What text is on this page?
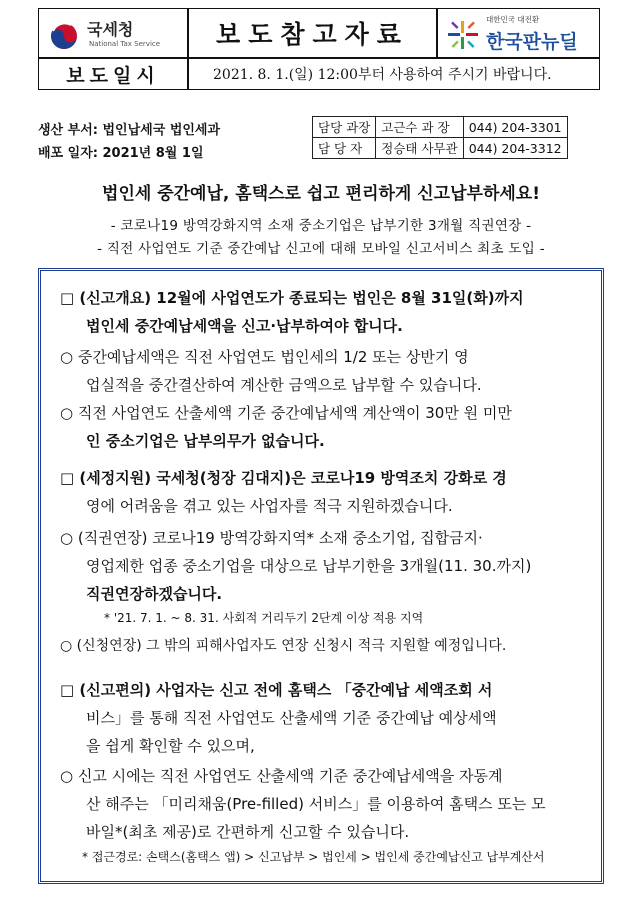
국세청
National Tax Service 보도참고자료
대한민국 대전환
한국판뉴딜
보도일시	2021. 8. 1.(일) 12:00부터 사용하여 주시기 바랍니다.
생산 부서: 법인납세국 법인세과
배포 일자: 2021년 8월 1일
담당 과장	고근수 과 장	044) 204-3301
담 당 자	정승태 사무관	044) 204-3312
법인세 중간예납, 홈택스로 쉽고 편리하게 신고납부하세요!
- 코로나19 방역강화지역 소재 중소기업은 납부기한 3개월 직권연장 -
- 직전 사업연도 기준 중간예납 신고에 대해 모바일 신고서비스 최초 도입 -
□ (신고개요) 12월에 사업연도가 종료되는 법인은 8월 31일(화)까지
법인세 중간예납세액을 신고·납부하여야 합니다.
○ 중간예납세액은 직전 사업연도 법인세의 1/2 또는 상반기 영
업실적을 중간결산하여 계산한 금액으로 납부할 수 있습니다.
○ 직전 사업연도 산출세액 기준 중간예납세액 계산액이 30만 원 미만
인 중소기업은 납부의무가 없습니다.
□ (세정지원) 국세청(청장 김대지)은 코로나19 방역조치 강화로 경
영에 어려움을 겪고 있는 사업자를 적극 지원하겠습니다.
○ (직권연장) 코로나19 방역강화지역* 소재 중소기업, 집합금지·
영업제한 업종 중소기업을 대상으로 납부기한을 3개월(11. 30.까지)
직권연장하겠습니다.
* '21. 7. 1. ~ 8. 31. 사회적 거리두기 2단계 이상 적용 지역
○ (신청연장) 그 밖의 피해사업자도 연장 신청시 적극 지원할 예정입니다.
□ (신고편의) 사업자는 신고 전에 홈택스 「중간예납 세액조회 서
비스」를 통해 직전 사업연도 산출세액 기준 중간예납 예상세액
을 쉽게 확인할 수 있으며,
○ 신고 시에는 직전 사업연도 산출세액 기준 중간예납세액을 자동계
산 해주는 「미리채움(Pre-filled) 서비스」를 이용하여 홈택스 또는 모
바일*(최초 제공)로 간편하게 신고할 수 있습니다.
* 접근경로: 손택스(홈택스 앱) > 신고납부 > 법인세 > 법인세 중간예납신고 납부계산서
